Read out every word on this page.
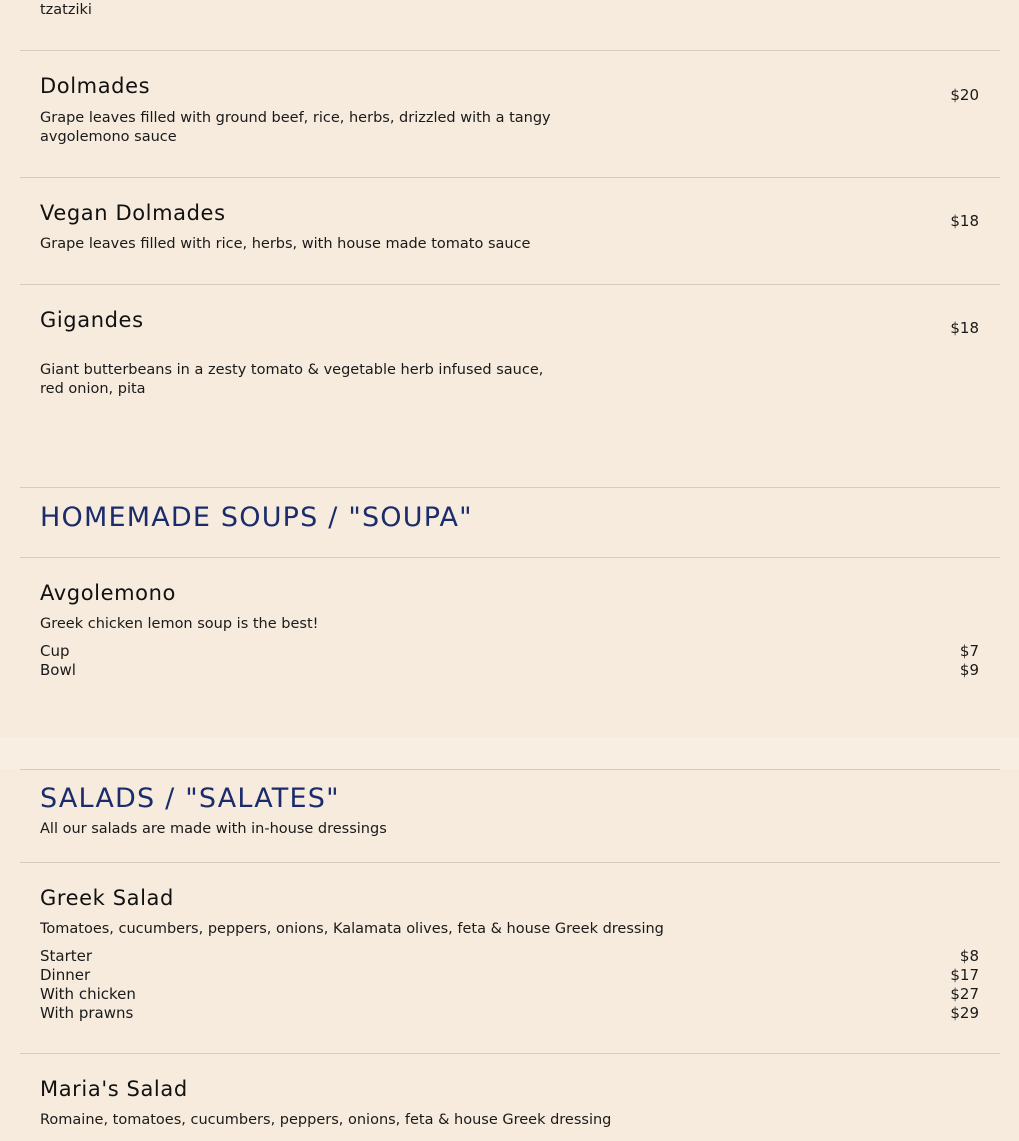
tzatziki
Dolmades
Grape leaves filled with ground beef, rice, herbs, drizzled with a tangy avgolemono sauce
$20
Vegan Dolmades
Grape leaves filled with rice, herbs, with house made tomato sauce
$18
Gigandes
Giant butterbeans in a zesty tomato & vegetable herb infused sauce, red onion, pita
$18
HOMEMADE SOUPS / "SOUPA"
Avgolemono
Greek chicken lemon soup is the best!
Cup	$7
Bowl	$9
SALADS / "SALATES"
All our salads are made with in-house dressings
Greek Salad
Tomatoes, cucumbers, peppers, onions, Kalamata olives, feta & house Greek dressing
Starter	$8
Dinner	$17
With chicken	$27
With prawns	$29
Maria's Salad
Romaine, tomatoes, cucumbers, peppers, onions, feta & house Greek dressing
